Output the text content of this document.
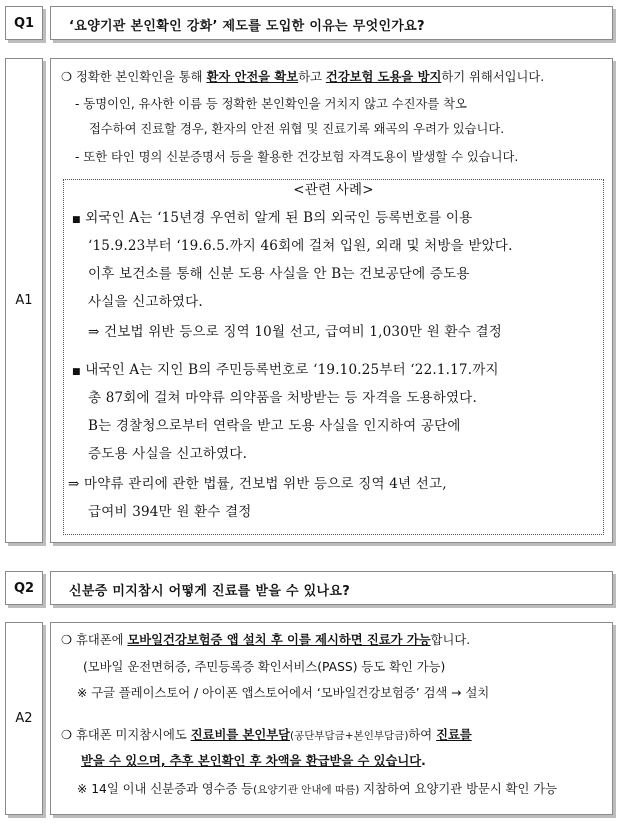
Q1	‘요양기관 본인확인 강화’ 제도를 도입한 이유는 무엇인가요?
A1
❍ 정확한 본인확인을 통해 환자 안전을 확보하고 건강보험 도용을 방지하기 위해서입니다.
- 동명이인, 유사한 이름 등 정확한 본인확인을 거치지 않고 수진자를 착오
접수하여 진료할 경우, 환자의 안전 위협 및 진료기록 왜곡의 우려가 있습니다.
- 또한 타인 명의 신분증명서 등을 활용한 건강보험 자격도용이 발생할 수 있습니다.
<관련 사례>
■ 외국인 A는 ‘15년경 우연히 알게 된 B의 외국인 등록번호를 이용
‘15.9.23부터 ‘19.6.5.까지 46회에 걸쳐 입원, 외래 및 처방을 받았다.
이후 보건소를 통해 신분 도용 사실을 안 B는 건보공단에 증도용
사실을 신고하였다.
⇒ 건보법 위반 등으로 징역 10월 선고, 급여비 1,030만 원 환수 결정
■ 내국인 A는 지인 B의 주민등록번호로 ‘19.10.25부터 ‘22.1.17.까지
총 87회에 걸쳐 마약류 의약품을 처방받는 등 자격을 도용하였다.
B는 경찰청으로부터 연락을 받고 도용 사실을 인지하여 공단에
증도용 사실을 신고하였다.
⇒ 마약류 관리에 관한 법률, 건보법 위반 등으로 징역 4년 선고,
급여비 394만 원 환수 결정
Q2	신분증 미지참시 어떻게 진료를 받을 수 있나요?
A2
❍ 휴대폰에 모바일건강보험증 앱 설치 후 이를 제시하면 진료가 가능합니다.
(모바일 운전면허증, 주민등록증 확인서비스(PASS) 등도 확인 가능)
※ 구글 플레이스토어 / 아이폰 앱스토어에서 ‘모바일건강보험증’ 검색 → 설치
❍ 휴대폰 미지참시에도 진료비를 본인부담(공단부담금+본인부담금)하여 진료를
받을 수 있으며, 추후 본인확인 후 차액을 환급받을 수 있습니다.
※ 14일 이내 신분증과 영수증 등(요양기관 안내에 따름) 지참하여 요양기관 방문시 확인 가능
